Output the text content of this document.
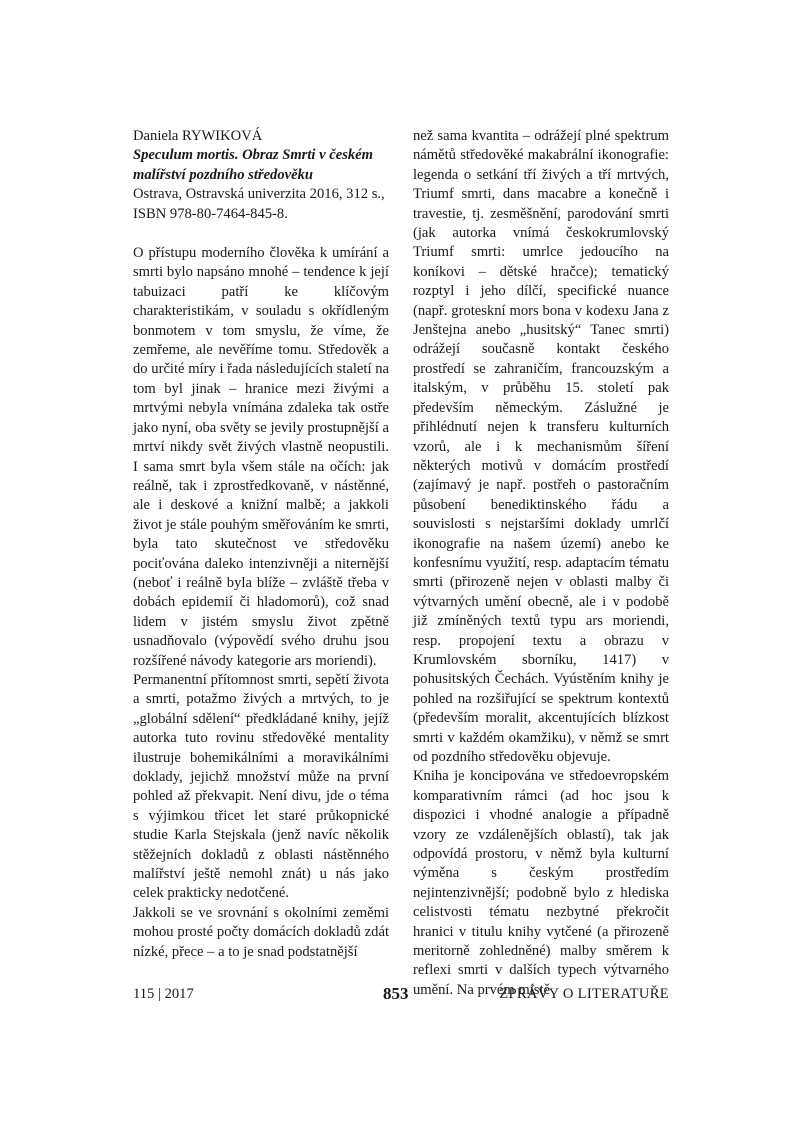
Daniela RYWIKOVÁ
Speculum mortis. Obraz Smrti v českém malířství pozdního středověku
Ostrava, Ostravská univerzita 2016, 312 s.,
ISBN 978-80-7464-845-8.

O přístupu moderního člověka k umírání a smrti bylo napsáno mnohé – tendence k její tabuizaci patří ke klíčovým charakteristikám, v souladu s okřídleným bonmotem v tom smyslu, že víme, že zemřeme, ale nevěříme tomu. Středověk a do určité míry i řada následujících staletí na tom byl jinak – hranice mezi živými a mrtvými nebyla vnímána zdaleka tak ostře jako nyní, oba světy se jevily prostupnější a mrtví nikdy svět živých vlastně neopustili. I sama smrt byla všem stále na očích: jak reálně, tak i zprostředkovaně, v nástěnné, ale i deskové a knižní malbě; a jakkoli život je stále pouhým směřováním ke smrti, byla tato skutečnost ve středověku pociťována daleko intenzivněji a niternější (neboť i reálně byla blíže – zvláště třeba v dobách epidemií či hladomorů), což snad lidem v jistém smyslu život zpětně usnadňovalo (výpovědí svého druhu jsou rozšířené návody kategorie ars moriendi).

Permanentní přítomnost smrti, sepětí života a smrti, potažmo živých a mrtvých, to je „globální sdělení“ předkládané knihy, jejíž autorka tuto rovinu středověké mentality ilustruje bohemikálními a moravikálními doklady, jejichž množství může na první pohled až překvapit. Není divu, jde o téma s výjimkou třicet let staré průkopnické studie Karla Stejskala (jenž navíc několik stěžejních dokladů z oblasti nástěnného malířství ještě nemohl znát) u nás jako celek prakticky nedotčené.

Jakkoli se ve srovnání s okolními zeměmi mohou prosté počty domácích dokladů zdát nízké, přece – a to je snad podstatnější

než sama kvantita – odrážejí plné spektrum námětů středověké makabrální ikonografie: legenda o setkání tří živých a tří mrtvých, Triumf smrti, dans macabre a konečně i travestie, tj. zesměšnění, parodování smrti (jak autorka vnímá českokrumlovský Triumf smrti: umrlce jedoucího na koníkovi – dětské hračce); tematický rozptyl i jeho dílčí, specifické nuance (např. groteskní mors bona v kodexu Jana z Jenštejna anebo „husitský“ Tanec smrti) odrážejí současně kontakt českého prostředí se zahraničím, francouzským a italským, v průběhu 15. století pak především německým. Záslužné je přihlédnutí nejen k transferu kulturních vzorů, ale i k mechanismům šíření některých motivů v domácím prostředí (zajímavý je např. postřeh o pastoračním působení benediktinského řádu a souvislosti s nejstaršími doklady umrlčí ikonografie na našem území) anebo ke konfesnímu využití, resp. adaptacím tématu smrti (přirozeně nejen v oblasti malby či výtvarných umění obecně, ale i v podobě již zmíněných textů typu ars moriendi, resp. propojení textu a obrazu v Krumlovském sborníku, 1417) v pohusitských Čechách. Vyústěním knihy je pohled na rozšiřující se spektrum kontextů (především moralit, akcentujících blízkost smrti v každém okamžiku), v němž se smrt od pozdního středověku objevuje.

Kniha je koncipována ve středoevropském komparativním rámci (ad hoc jsou k dispozici i vhodné analogie a případně vzory ze vzdálenějších oblastí), tak jak odpovídá prostoru, v němž byla kulturní výměna s českým prostředím nejintenzivnější; podobně bylo z hlediska celistvosti tématu nezbytné překročit hranici v titulu knihy vytčené (a přirozeně meritorně zohledněné) malby směrem k reflexi smrti v dalších typech výtvarného umění. Na prvém místě

115 | 2017	853	ZPRÁVY O LITERATUŘE
